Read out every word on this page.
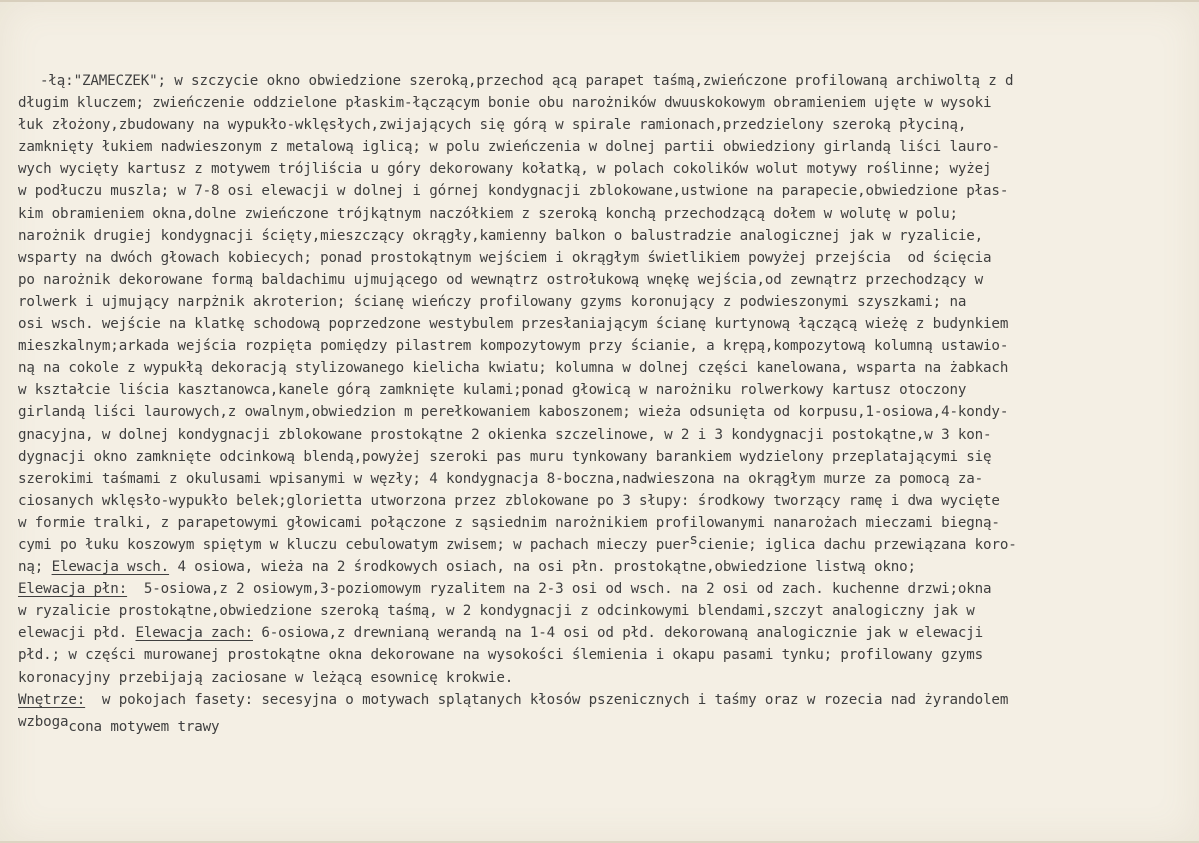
-łą:"ZAMECZEK"; w szczycie okno obwiedzione szeroką,przechod ącą parapet taśmą,zwieńczone profilowaną archiwoltą z d
długim kluczem; zwieńczenie oddzielone płaskim-łączącym bonie obu narożników dwuuskokowym obramieniem ujęte w wysoki
łuk złożony,zbudowany na wypukło-wklęsłych,zwijających się górą w spirale ramionach,przedzielony szeroką płyciną,
zamknięty łukiem nadwieszonym z metalową iglicą; w polu zwieńczenia w dolnej partii obwiedziony girlandą liści lauro-
wych wycięty kartusz z motywem trójliścia u góry dekorowany kołatką, w polach cokolików wolut motywy roślinne; wyżej
w podłuczu muszla; w 7-8 osi elewacji w dolnej i górnej kondygnacji zblokowane,ustwione na parapecie,obwiedzione płas-
kim obramieniem okna,dolne zwieńczone trójkątnym naczółkiem z szeroką konchą przechodzącą dołem w wolutę w polu;
narożnik drugiej kondygnacji ścięty,mieszczący okrągły,kamienny balkon o balustradzie analogicznej jak w ryzalicie,
wsparty na dwóch głowach kobiecych; ponad prostokątnym wejściem i okrągłym świetlikiem powyżej przejścia  od ścięcia
po narożnik dekorowane formą baldachimu ujmującego od wewnątrz ostrołukową wnękę wejścia,od zewnątrz przechodzący w
rolwerk i ujmujący narpżnik akroterion; ścianę wieńczy profilowany gzyms koronujący z podwieszonymi szyszkami; na
osi wsch. wejście na klatkę schodową poprzedzone westybulem przesłaniającym ścianę kurtynową łączącą wieżę z budynkiem
mieszkalnym;arkada wejścia rozpięta pomiędzy pilastrem kompozytowym przy ścianie, a krępą,kompozytową kolumną ustawio-
ną na cokole z wypukłą dekoracją stylizowanego kielicha kwiatu; kolumna w dolnej części kanelowana, wsparta na żabkach
w kształcie liścia kasztanowca,kanele górą zamknięte kulami;ponad głowicą w narożniku rolwerkowy kartusz otoczony
girlandą liści laurowych,z owalnym,obwiedzion m perełkowaniem kaboszonem; wieża odsunięta od korpusu,1-osiowa,4-kondy-
gnacyjna, w dolnej kondygnacji zblokowane prostokątne 2 okienka szczelinowe, w 2 i 3 kondygnacji postokątne,w 3 kon-
dygnacji okno zamknięte odcinkową blendą,powyżej szeroki pas muru tynkowany barankiem wydzielony przeplatającymi się
szerokimi taśmami z okulusami wpisanymi w węzły; 4 kondygnacja 8-boczna,nadwieszona na okrągłym murze za pomocą za-
ciosanych wklęsło-wypukło belek;glorietta utworzona przez zblokowane po 3 słupy: środkowy tworzący ramę i dwa wycięte
w formie tralki, z parapetowymi głowicami połączone z sąsiednim narożnikiem profilowanymi nanarożach mieczami biegną-
cymi po łuku koszowym spiętym w kluczu cebulowatym zwisem; w pachach mieczy puerscienie; iglica dachu przewiązana koro-
ną; Elewacja wsch. 4 osiowa, wieża na 2 środkowych osiach, na osi płn. prostokątne,obwiedzione listwą okno;
Elewacja płn:  5-osiowa,z 2 osiowym,3-poziomowym ryzalitem na 2-3 osi od wsch. na 2 osi od zach. kuchenne drzwi;okna
w ryzalicie prostokątne,obwiedzione szeroką taśmą, w 2 kondygnacji z odcinkowymi blendami,szczyt analogiczny jak w
elewacji płd. Elewacja zach: 6-osiowa,z drewnianą werandą na 1-4 osi od płd. dekorowaną analogicznie jak w elewacji
płd.; w części murowanej prostokątne okna dekorowane na wysokości ślemienia i okapu pasami tynku; profilowany gzyms
koronacyjny przebijają zaciosane w leżącą esownicę krokwie.
Wnętrze:  w pokojach fasety: secesyjna o motywach splątanych kłosów pszenicznych i taśmy oraz w rozecia nad żyrandolem
wzbogacona motywem trawy
